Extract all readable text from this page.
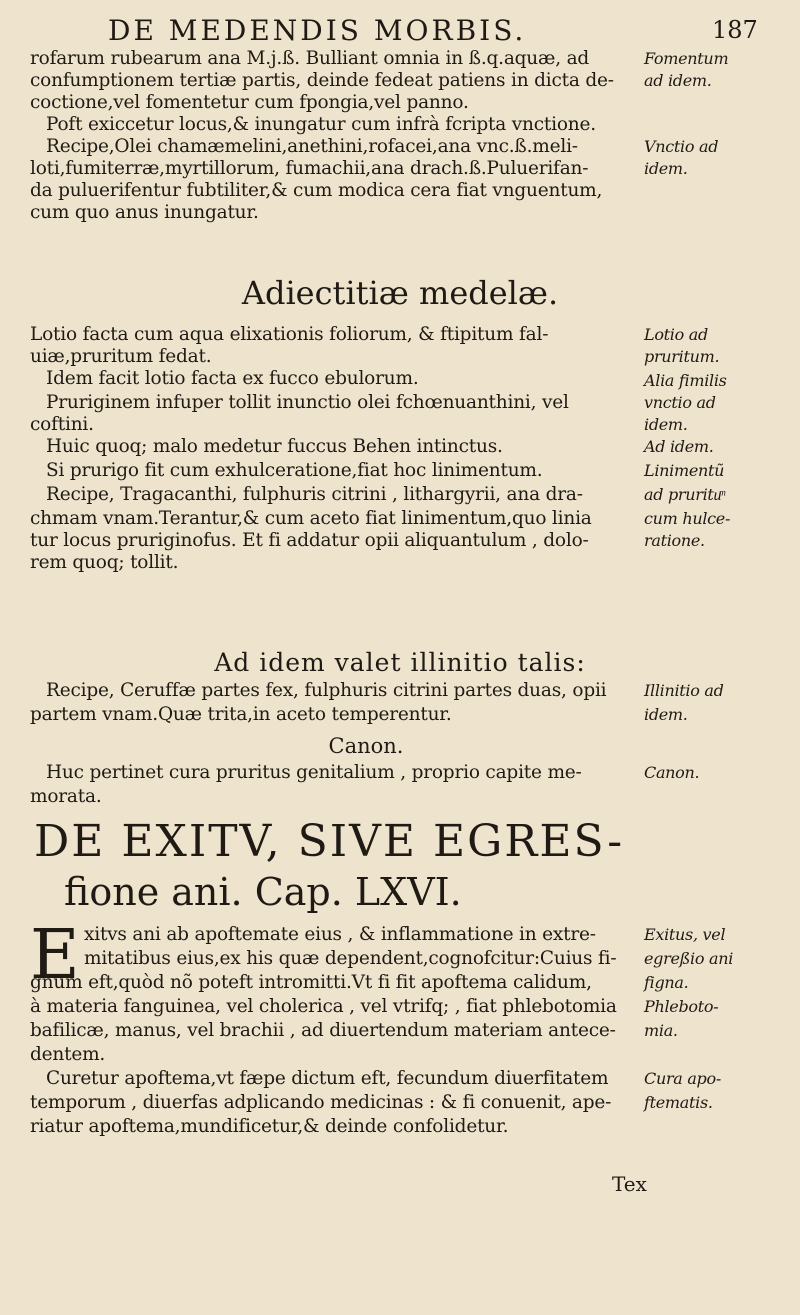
DE MEDENDIS MORBIS.	187
rofarum rubearum ana M.j.ß. Bulliant omnia in ß.q.aquæ, ad
confumptionem tertiæ partis, deinde fedeat patiens in dicta de-
coctione,vel fomentetur cum fpongia,vel panno.
Poft exiccetur locus,& inungatur cum infrà fcripta vnctione.
Recipe,Olei chamæmelini,anethini,rofacei,ana vnc.ß.meli-
loti,fumiterræ,myrtillorum, fumachii,ana drach.ß.Puluerifan-
da puluerifentur fubtiliter,& cum modica cera fiat vnguentum,
cum quo anus inungatur.
Fomentum
ad idem.
Vnctio ad
idem.
Adiectitiæ medelæ.
Lotio facta cum aqua elixationis foliorum, & ftipitum fal-
uiæ,pruritum fedat.
Idem facit lotio facta ex fucco ebulorum.
Pruriginem infuper tollit inunctio olei fchœnuanthini, vel
coftini.
Huic quoq; malo medetur fuccus Behen intinctus.
Si prurigo fit cum exhulceratione,fiat hoc linimentum.
Recipe, Tragacanthi, fulphuris citrini , lithargyrii, ana dra-
chmam vnam.Terantur,& cum aceto fiat linimentum,quo linia
tur locus pruriginofus. Et fi addatur opii aliquantulum , dolo-
rem quoq; tollit.
Lotio ad
pruritum.
Alia fimilis
vnctio ad
idem.
Ad idem.
Linimentũ
ad prurituͫ
cum hulce-
ratione.
Ad idem valet illinitio talis:
Recipe, Ceruffæ partes fex, fulphuris citrini partes duas, opii
partem vnam.Quæ trita,in aceto temperentur.
Illinitio ad
idem.
Canon.
Huc pertinet cura pruritus genitalium , proprio capite me-
morata.
Canon.
DE EXITV, SIVE EGRES-
fione ani. Cap. LXVI.
E xitvs ani ab apoftemate eius , & inflammatione in extre-
mitatibus eius,ex his quæ dependent,cognofcitur:Cuius fi-
gnum eft,quòd nõ poteft intromitti.Vt fi fit apoftema calidum,
à materia fanguinea, vel cholerica , vel vtrifq; , fiat phlebotomia
bafilicæ, manus, vel brachii , ad diuertendum materiam antece-
dentem.
Curetur apoftema,vt fæpe dictum eft, fecundum diuerfitatem
temporum , diuerfas adplicando medicinas : & fi conuenit, ape-
riatur apoftema,mundificetur,& deinde confolidetur.
Exitus, vel
egreßio ani
figna.
Phleboto-
mia.
Cura apo-
ftematis.
Tex
